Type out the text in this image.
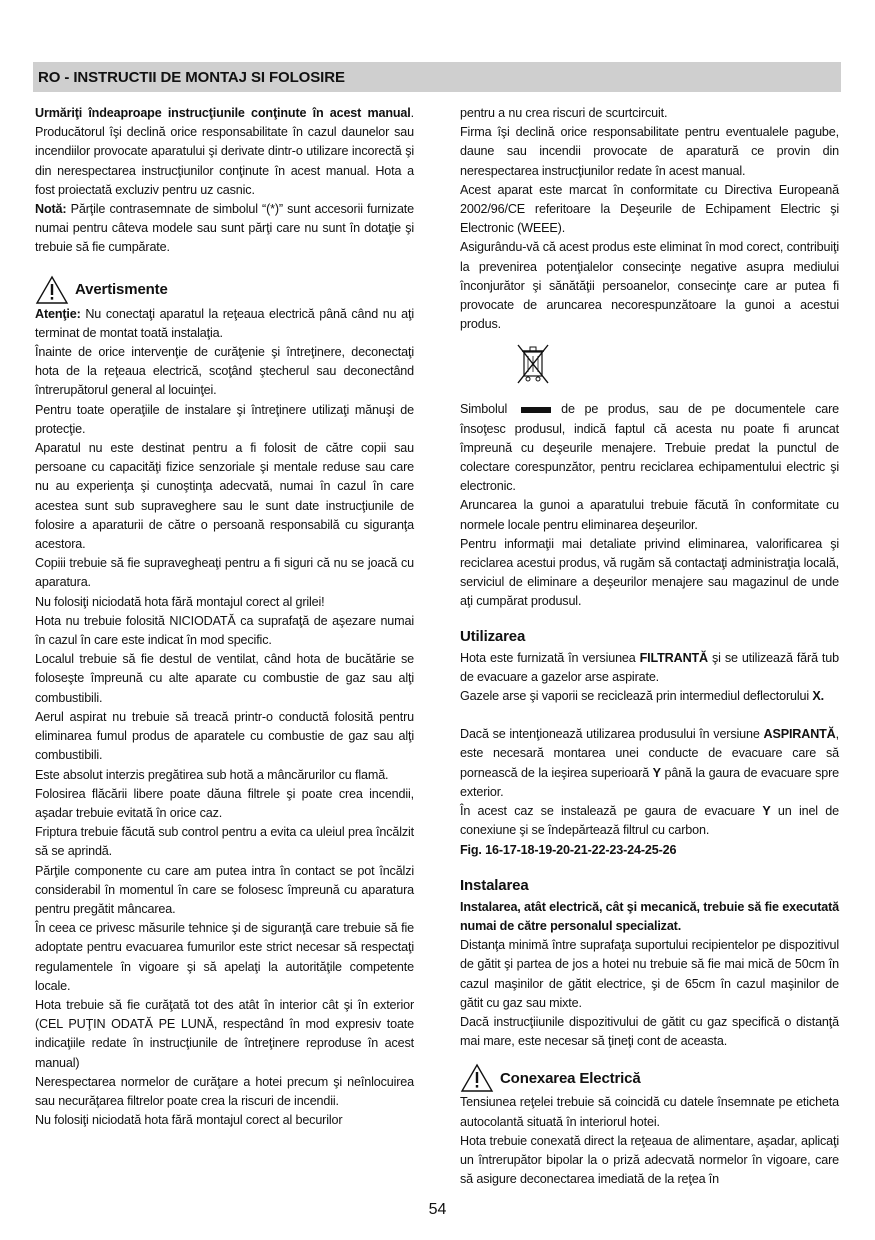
RO - INSTRUCTII DE MONTAJ SI FOLOSIRE

Urmăriţi îndeaproape instrucţiunile conţinute în acest manual. Producătorul îşi declină orice responsabilitate în cazul daunelor sau incendiilor provocate aparatului şi derivate dintr-o utilizare incorectă şi din nerespectarea instrucţiunilor conţinute în acest manual. Hota a fost proiectată excluziv pentru uz casnic.

Notă: Părţile contrasemnate de simbolul “(*)” sunt accesorii furnizate numai pentru câteva modele sau sunt părţi care nu sunt în dotaţie şi trebuie să fie cumpărate.

Avertismente

Atenţie: Nu conectaţi aparatul la reţeaua electrică până când nu aţi terminat de montat toată instalaţia.

Înainte de orice intervenţie de curăţenie şi întreţinere, deconectaţi hota de la reţeaua electrică, scoţând ştecherul sau deconectând întrerupătorul general al locuinţei.

Pentru toate operaţiile de instalare şi întreţinere utilizaţi mănuşi de protecţie.

Aparatul nu este destinat pentru a fi folosit de către copii sau persoane cu capacităţi fizice senzoriale şi mentale reduse sau care nu au experienţa şi cunoştinţa adecvată, numai în cazul în care acestea sunt sub supraveghere sau le sunt date instrucţiunile de folosire a aparaturii de către o persoană responsabilă cu siguranţa acestora.

Copiii trebuie să fie supravegheaţi pentru a fi siguri că nu se joacă cu aparatura.

Nu folosiţi niciodată hota fără montajul corect al grilei!

Hota nu trebuie folosită NICIODATĂ ca suprafaţă de aşezare numai în cazul în care este indicat în mod specific.

Localul trebuie să fie destul de ventilat, când hota de bucătărie se foloseşte împreună cu alte aparate cu combustie de gaz sau alţi combustibili.

Aerul aspirat nu trebuie să treacă printr-o conductă folosită pentru eliminarea fumul produs de aparatele cu combustie de gaz sau alţi combustibili.

Este absolut interzis pregătirea sub hotă a mâncărurilor cu flamă.

Folosirea flăcării libere poate dăuna filtrele şi poate crea incendii, aşadar trebuie evitată în orice caz.

Friptura trebuie făcută sub control pentru a evita ca uleiul prea încălzit să se aprindă.

Părţile componente cu care am putea intra în contact se pot încălzi considerabil în momentul în care se folosesc împreună cu aparatura pentru pregătit mâncarea.

În ceea ce privesc măsurile tehnice şi de siguranţă care trebuie să fie adoptate pentru evacuarea fumurilor este strict necesar să respectaţi regulamentele în vigoare şi să apelaţi la autorităţile competente locale.

Hota trebuie să fie curăţată tot des atât în interior cât şi în exterior (CEL PUŢIN ODATĂ PE LUNĂ, respectând în mod expresiv toate indicaţiile redate în instrucţiunile de întreţinere reproduse în acest manual)

Nerespectarea normelor de curăţare a hotei precum şi neînlocuirea sau necurăţarea filtrelor poate crea la riscuri de incendii.

Nu folosiţi niciodată hota fără montajul corect al becurilor

pentru a nu crea riscuri de scurtcircuit.

Firma îşi declină orice responsabilitate pentru eventualele pagube, daune sau incendii provocate de aparatură ce provin din nerespectarea instrucţiunilor redate în acest manual.

Acest aparat este marcat în conformitate cu Directiva Europeană 2002/96/CE referitoare la Deşeurile de Echipament Electric şi Electronic (WEEE).

Asigurându-vă că acest produs este eliminat în mod corect, contribuiţi la prevenirea potenţialelor consecinţe negative asupra mediului înconjurător şi sănătăţii persoanelor, consecinţe care ar putea fi provocate de aruncarea necorespunzătoare la gunoi a acestui produs.

Simbolul	de pe produs, sau de pe documentele care însoţesc produsul, indică faptul că acesta nu poate fi aruncat împreună cu deşeurile menajere. Trebuie predat la punctul de colectare corespunzător, pentru reciclarea echipamentului electric şi electronic.

Aruncarea la gunoi a aparatului trebuie făcută în conformitate cu normele locale pentru eliminarea deşeurilor.

Pentru informaţii mai detaliate privind eliminarea, valorificarea şi reciclarea acestui produs, vă rugăm să contactaţi administraţia locală, serviciul de eliminare a deşeurilor menajere sau magazinul de unde aţi cumpărat produsul.

Utilizarea

Hota este furnizată în versiunea FILTRANTĂ şi se utilizează fără tub de evacuare a gazelor arse aspirate.

Gazele arse şi vaporii se reciclează prin intermediul deflectorului X.

Dacă se intenţionează utilizarea produsului în versiune ASPIRANTĂ, este necesară montarea unei conducte de evacuare care să pornească de la ieşirea superioară Y până la gaura de evacuare spre exterior.

În acest caz se instalează pe gaura de evacuare Y un inel de conexiune şi se îndepărtează filtrul cu carbon.

Fig. 16-17-18-19-20-21-22-23-24-25-26

Instalarea

Instalarea, atât electrică, cât şi mecanică, trebuie să fie executată numai de către personalul specializat.

Distanţa minimă între suprafaţa suportului recipientelor pe dispozitivul de gătit şi partea de jos a hotei nu trebuie să fie mai mică de 50cm în cazul maşinilor de gătit electrice, şi de 65cm în cazul maşinilor de gătit cu gaz sau mixte.

Dacă instrucţiiunile dispozitivului de gătit cu gaz specifică o distanţă mai mare, este necesar să ţineţi cont de aceasta.

Conexarea Electrică

Tensiunea reţelei trebuie să coincidă cu datele însemnate pe eticheta autocolantă situată în interiorul hotei.

Hota trebuie conexată direct la reţeaua de alimentare, aşadar, aplicaţi un întrerupător bipolar la o priză adecvată normelor în vigoare, care să asigure deconectarea imediată de la reţea în

54
